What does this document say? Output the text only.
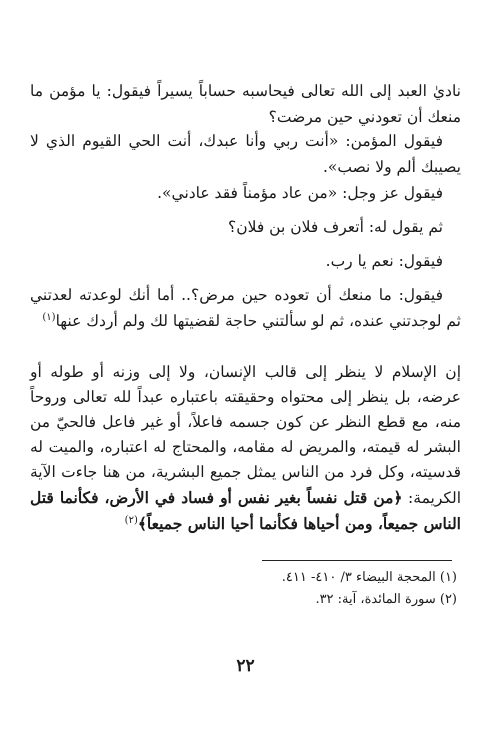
ناديٰ العبد إلى الله تعالى فيحاسبه حساباً يسيراً فيقول: يا مؤمن ما منعك أن تعودني حين مرضت؟
فيقول المؤمن: «أنت ربي وأنا عبدك، أنت الحي القيوم الذي لا يصيبك ألم ولا نصب».
فيقول عز وجل: «من عاد مؤمناً فقد عادني».
ثم يقول له: أتعرف فلان بن فلان؟
فيقول: نعم يا رب.
فيقول: ما منعك أن تعوده حين مرض؟.. أما أنك لوعدته لعدتني ثم لوجدتني عنده، ثم لو سألتني حاجة لقضيتها لك ولم أردك عنها$^{(١)}$
إن الإسلام لا ينظر إلى قالب الإنسان، ولا إلى وزنه أو طوله أو عرضه، بل ينظر إلى محتواه وحقيقته باعتباره عبداً لله تعالى وروحاً منه، مع قطع النظر عن كون جسمه فاعلاً، أو غير فاعل فالحيّ من البشر له قيمته، والمريض له مقامه، والمحتاج له اعتباره، والميت له قدسيته، وكل فرد من الناس يمثل جميع البشرية، من هنا جاءت الآية الكريمة: ﴿من قتل نفساً بغير نفس أو فساد في الأرض، فكأنما قتل الناس جميعاً، ومن أحياها فكأنما أحيا الناس جميعاً﴾$^{(٢)}$
(١) المحجة البيضاء ٣/ ٤١٠- ٤١١.
(٢) سورة المائدة، آية: ٣٢.
٢٢
